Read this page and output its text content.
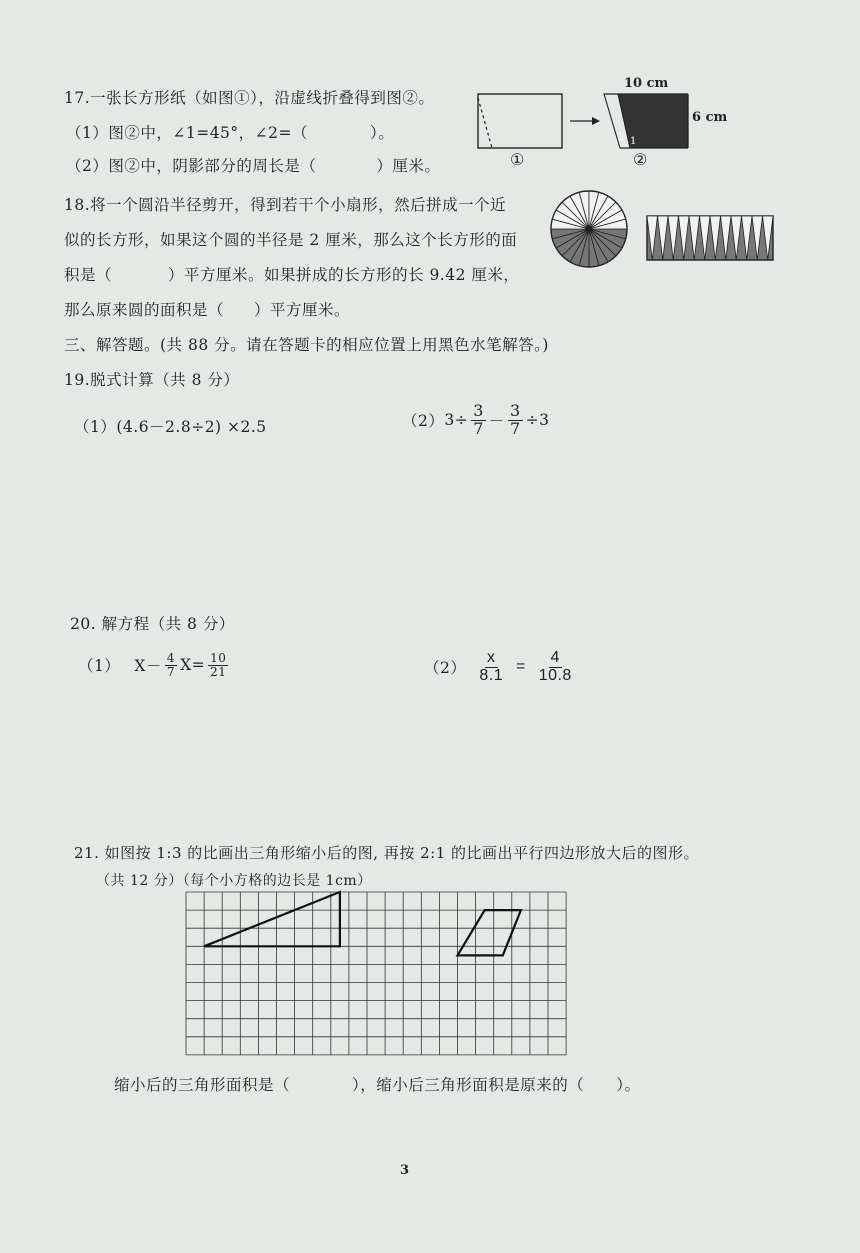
17.一张长方形纸（如图①），沿虚线折叠得到图②。
（1）图②中，∠1=45°，∠2=（	）。
（2）图②中，阴影部分的周长是（	）厘米。
10 cm
6 cm
2 1
①	②
18.将一个圆沿半径剪开，得到若干个小扇形，然后拼成一个近
似的长方形，如果这个圆的半径是 2 厘米，那么这个长方形的面
积是（	）平方厘米。如果拼成的长方形的长 9.42 厘米，
那么原来圆的面积是（ ）平方厘米。
三、解答题。(共 88 分。请在答题卡的相应位置上用黑色水笔解答。)
19.脱式计算（共 8 分）
（1）(4.6－2.8÷2) ×2.5	（2） $3\div \frac{3}{7} - \frac{3}{7} \div 3$
20. 解方程（共 8 分）
（1） $X- \frac{4}{7} X= \frac{10}{21}$	$(2) \frac{x}{8.1} = \frac{4}{10.8}$
21. 如图按 1:3 的比画出三角形缩小后的图, 再按 2:1 的比画出平行四边形放大后的图形。
（共 12 分）（每个小方格的边长是 1cm）
缩小后的三角形面积是（	），缩小后三角形面积是原来的（ ）。
3
